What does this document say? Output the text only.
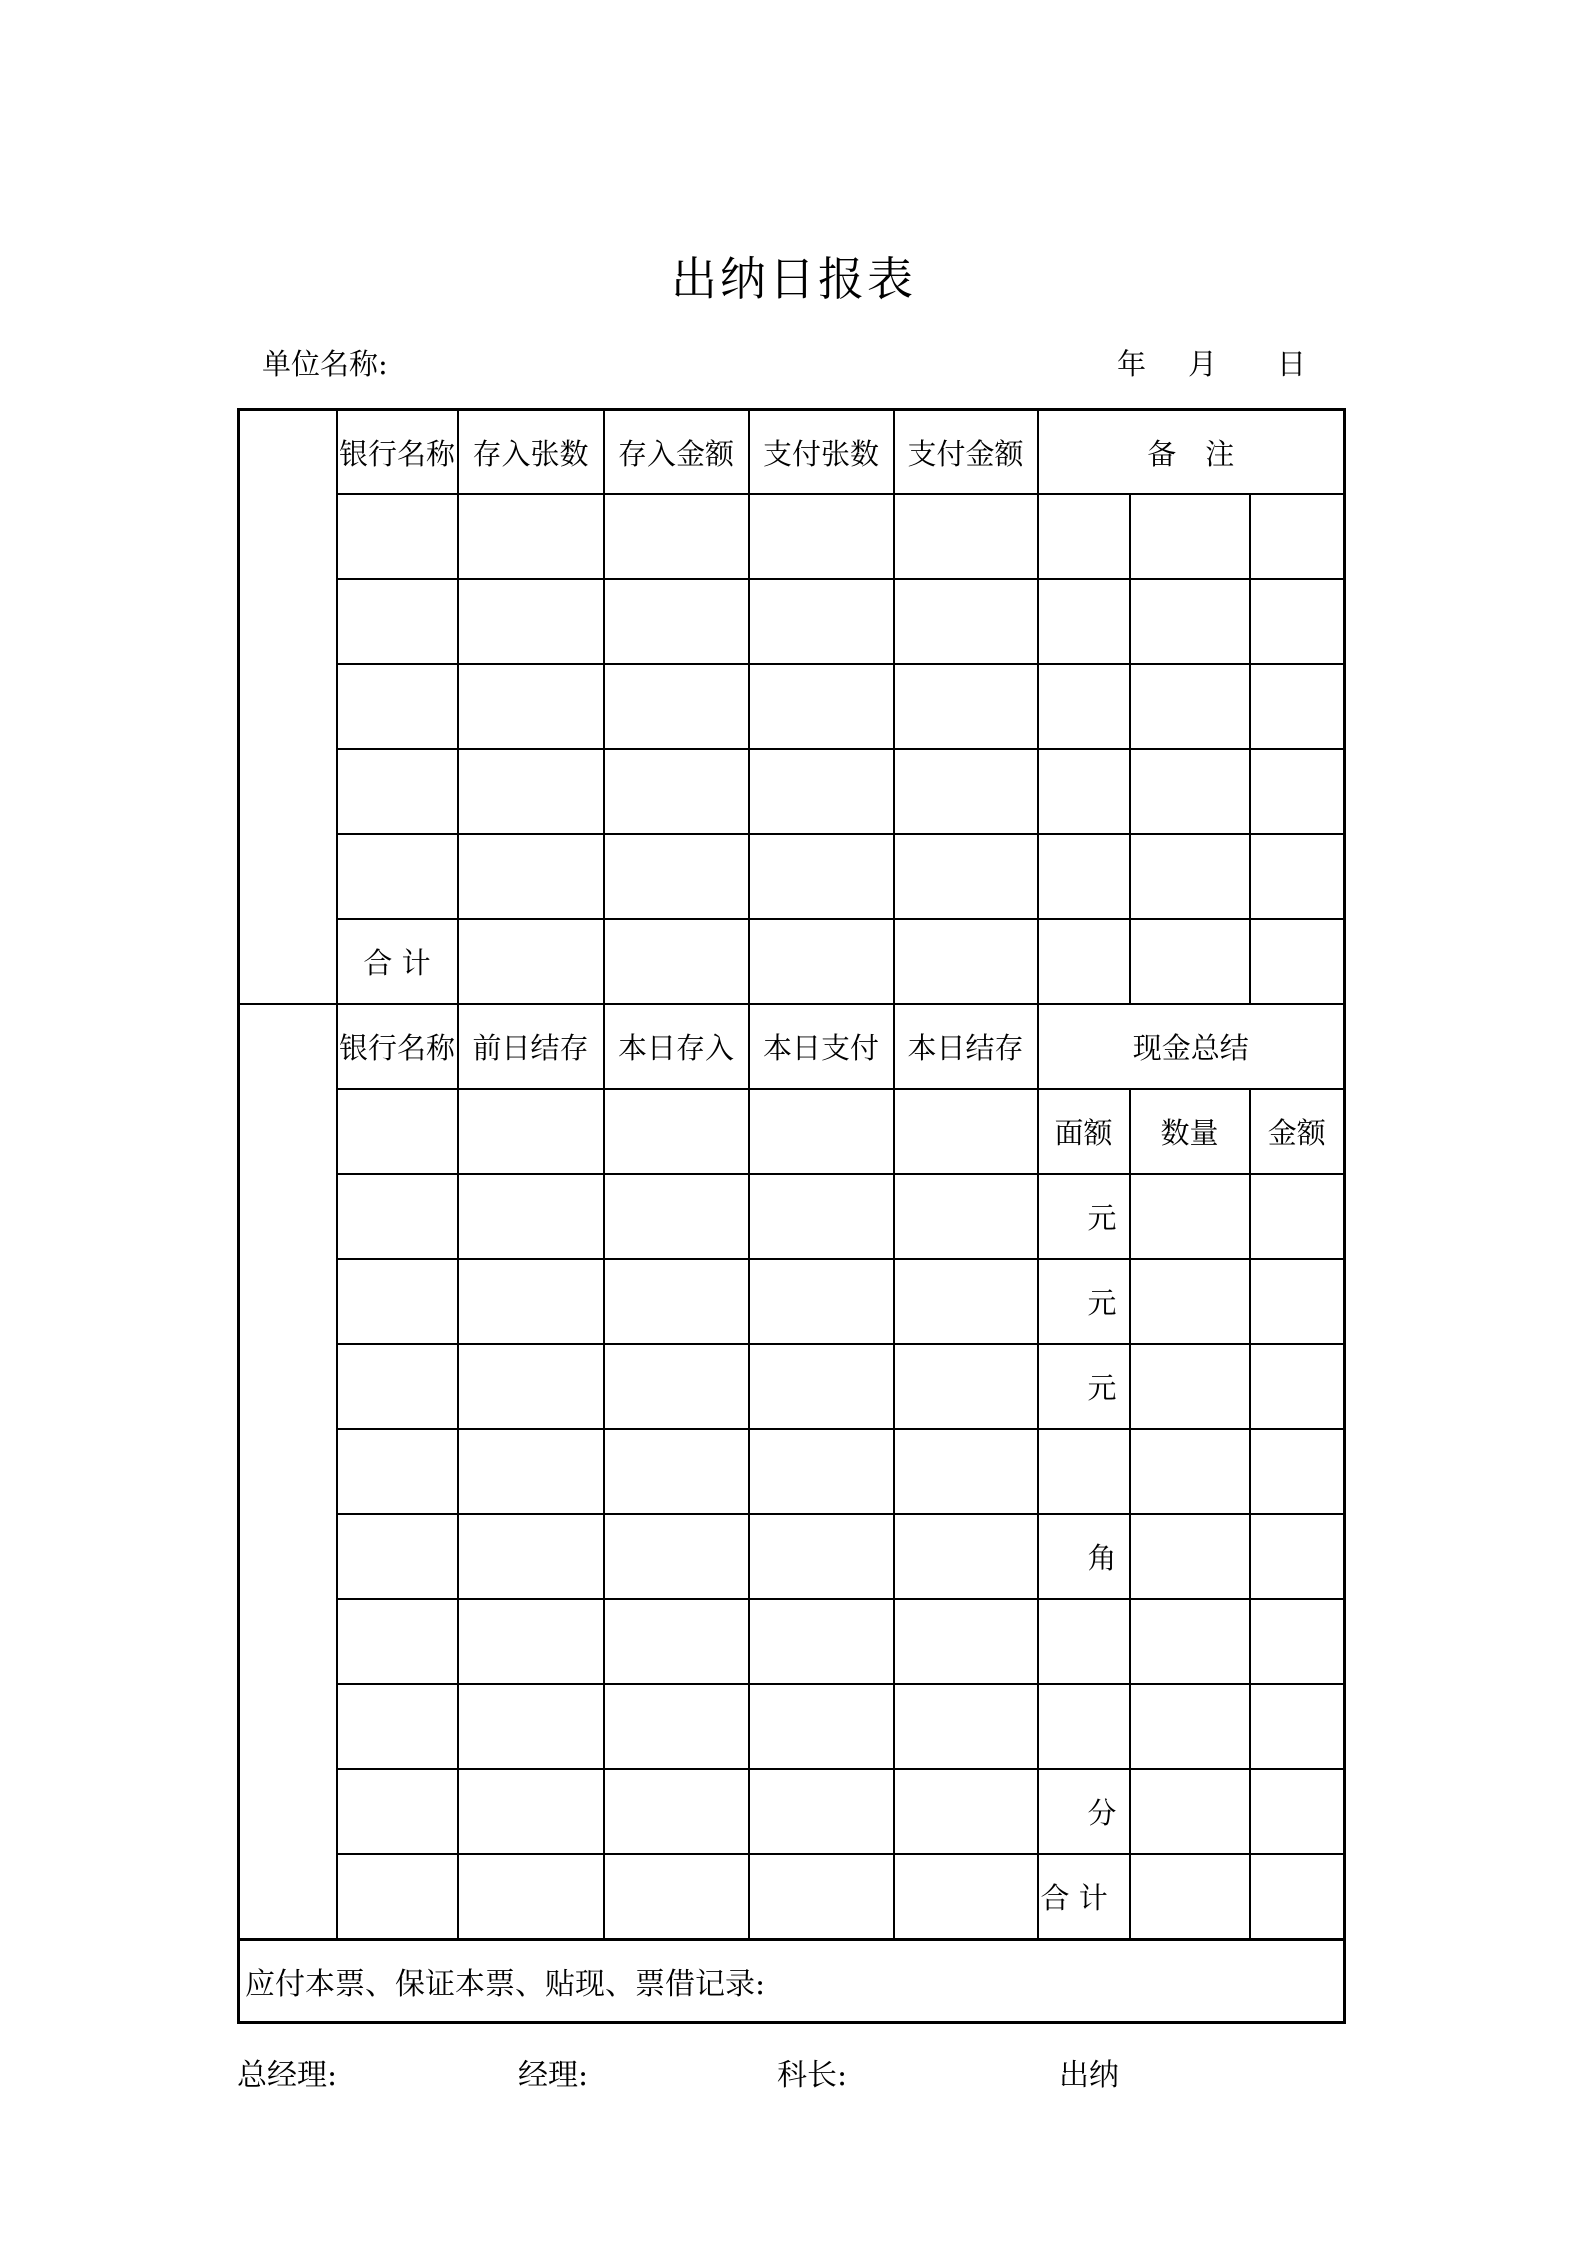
出纳日报表
单位名称:	年 月 日
	银行名称	存入张数	存入金额	支付张数	支付金额	备　注		

	合 计							
	银行名称	前日结存	本日存入	本日支付	本日结存	现金总结		
						面额	数量	金额
						元		
						元		
						元		

						角		

						分		
						合 计		
应付本票、保证本票、贴现、票借记录:								
总经理:	经理:	科长:	出纳
